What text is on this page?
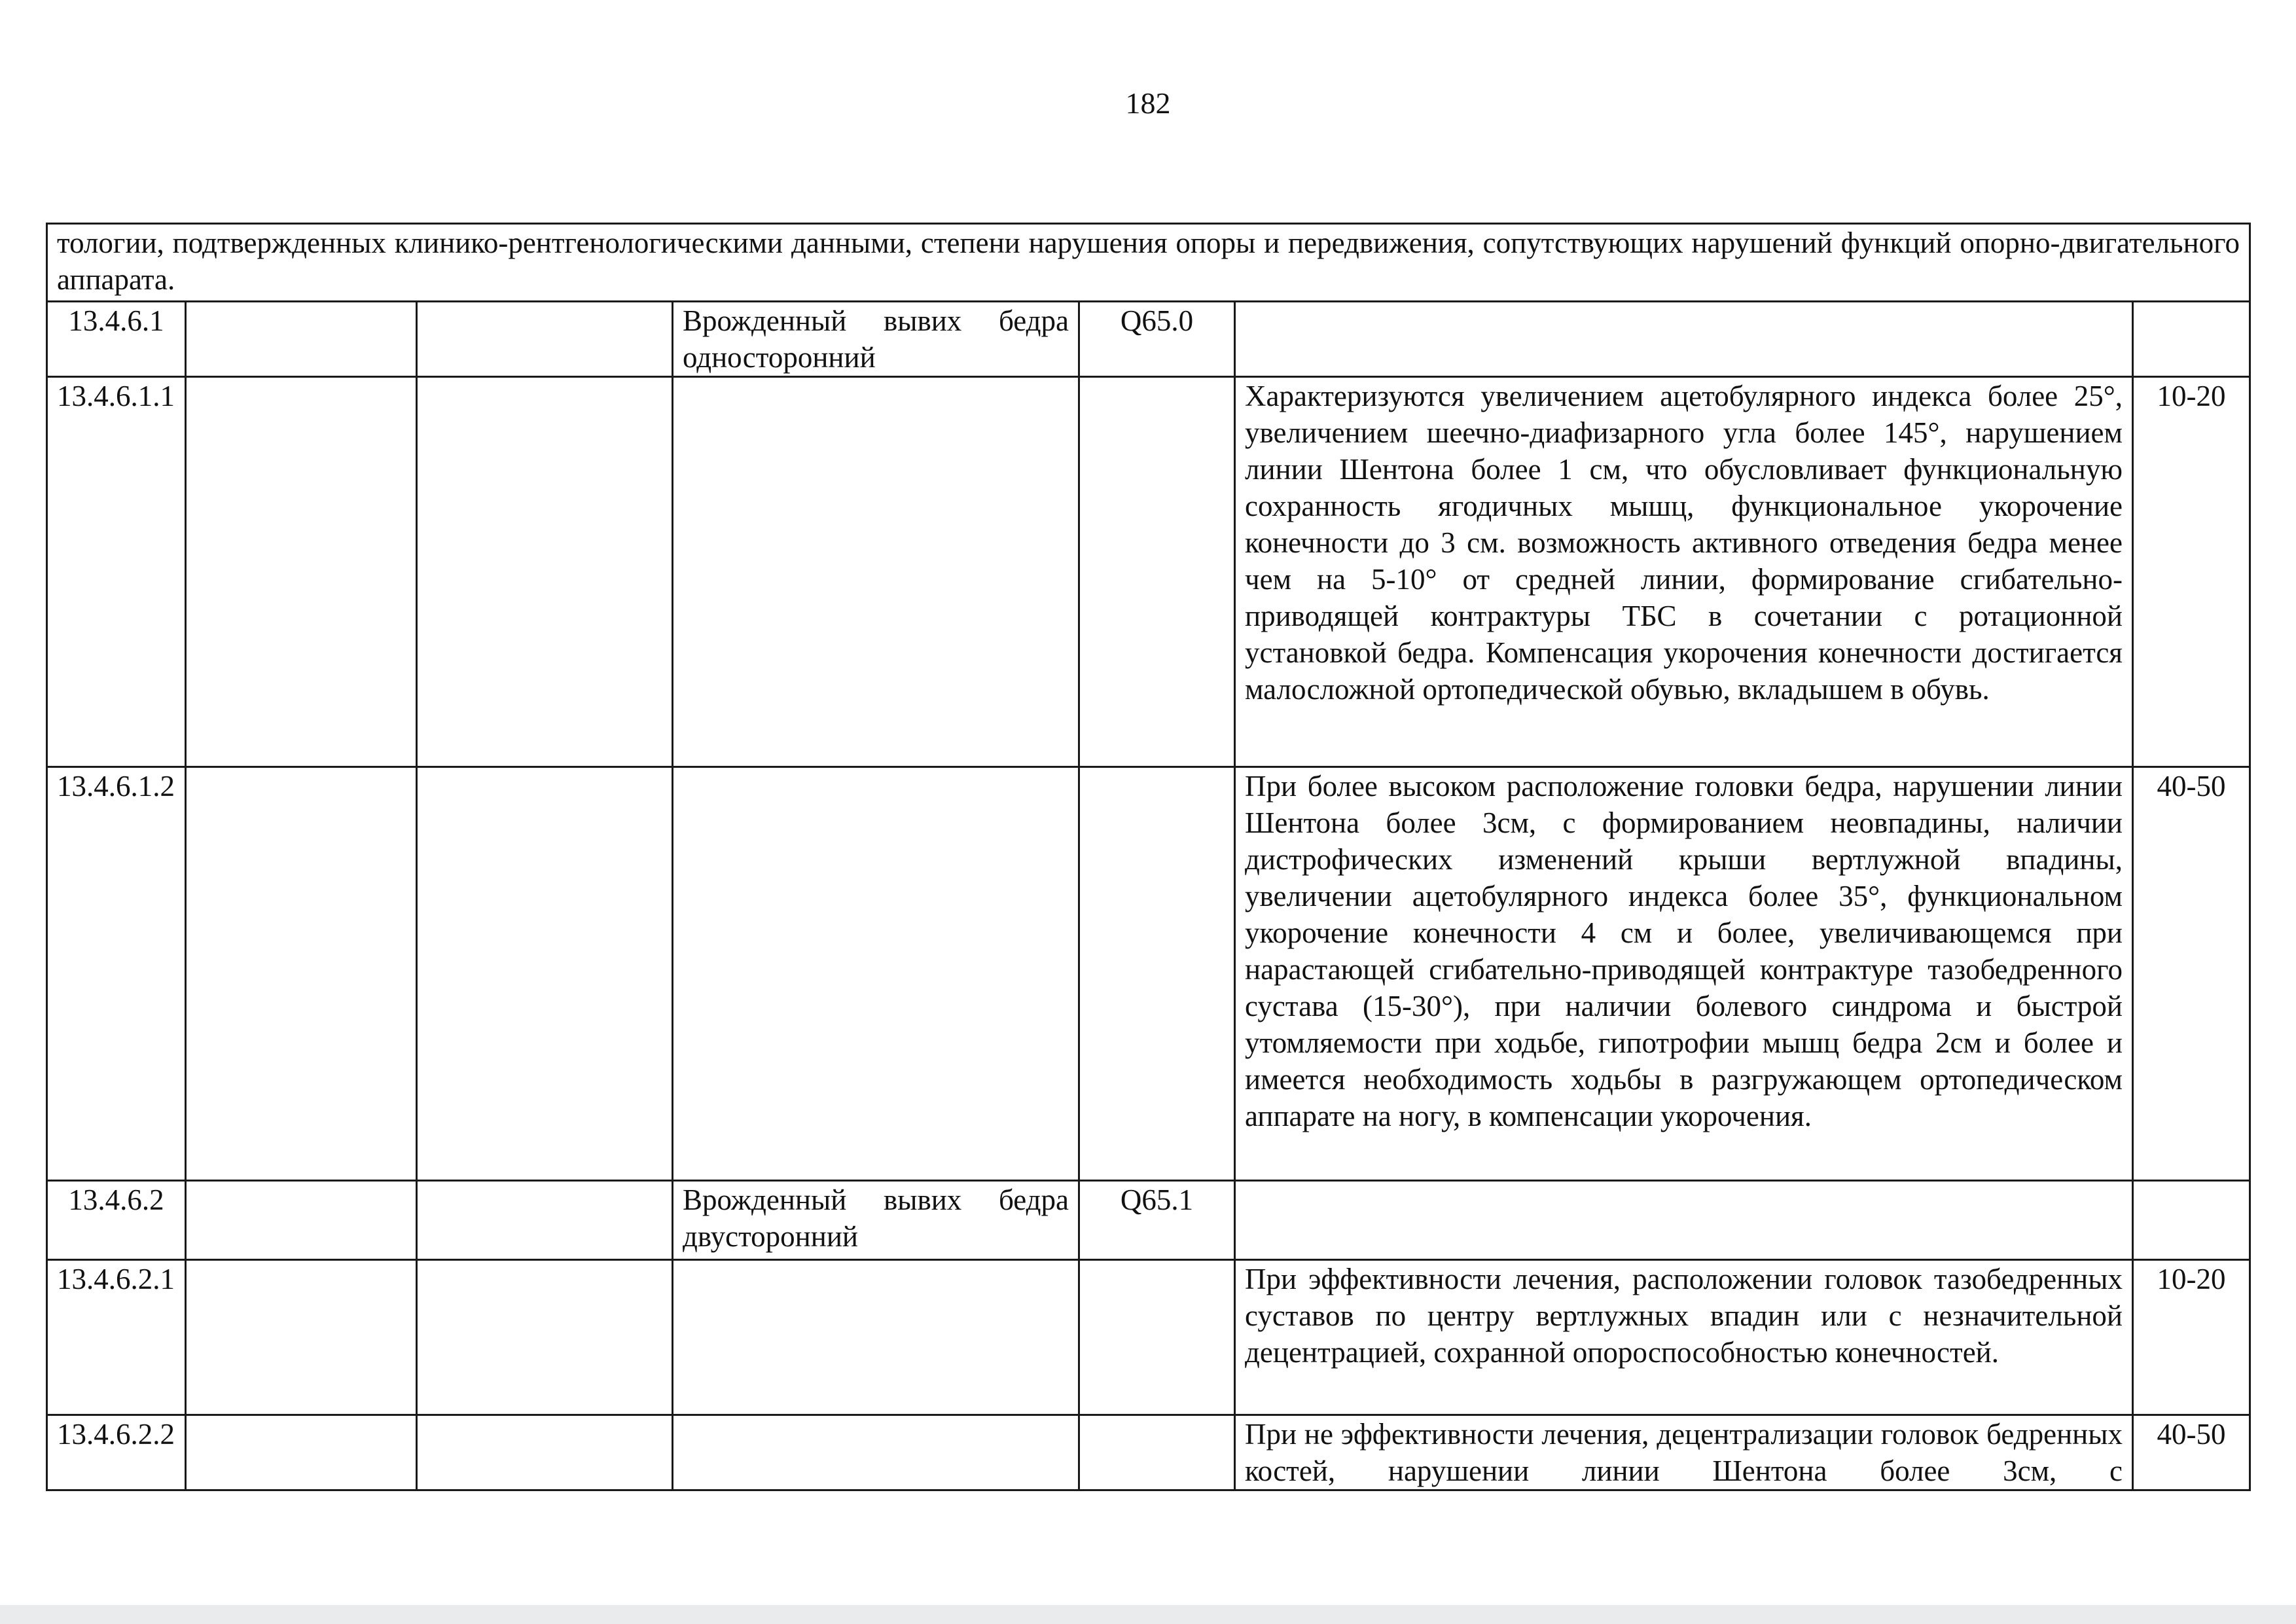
182
тологии, подтвержденных клинико-рентгенологическими данными, степени нарушения опоры и передвижения, сопутствующих нарушений функций опорно-двигательного аппарата.						
13.4.6.1			Врожденный вывих бедра односторонний	Q65.0		
13.4.6.1.1					Характеризуются увеличением ацетобулярного индекса более 25°, увеличением шеечно-диафизарного угла более 145°, нарушением линии Шентона более 1 см, что обусловливает функциональную сохранность ягодичных мышц, функциональное укорочение конечности до 3 см. возможность активного отведения бедра менее чем на 5-10° от средней линии, формирование сгибательно-приводящей контрактуры ТБС в сочетании с ротационной установкой бедра. Компенсация укорочения конечности достигается малосложной ортопедической обувью, вкладышем в обувь.	10-20
13.4.6.1.2					При более высоком расположение головки бедра, нарушении линии Шентона более 3см, с формированием неовпадины, наличии дистрофических изменений крыши вертлужной впадины, увеличении ацетобулярного индекса более 35°, функциональном укорочение конечности 4 см и более, увеличивающемся при нарастающей сгибательно-приводящей контрактуре тазобедренного сустава (15-30°), при наличии болевого синдрома и быстрой утомляемости при ходьбе, гипотрофии мышц бедра 2см и более и имеется необходимость ходьбы в разгружающем ортопедическом аппарате на ногу, в компенсации укорочения.	40-50
13.4.6.2			Врожденный вывих бедра двусторонний	Q65.1		
13.4.6.2.1					При эффективности лечения, расположении головок тазобедренных суставов по центру вертлужных впадин или с незначительной децентрацией, сохранной опороспособностью конечностей.	10-20
13.4.6.2.2					При не эффективности лечения, децентрализации головок бедренных костей, нарушении линии Шентона более 3см, с	40-50
